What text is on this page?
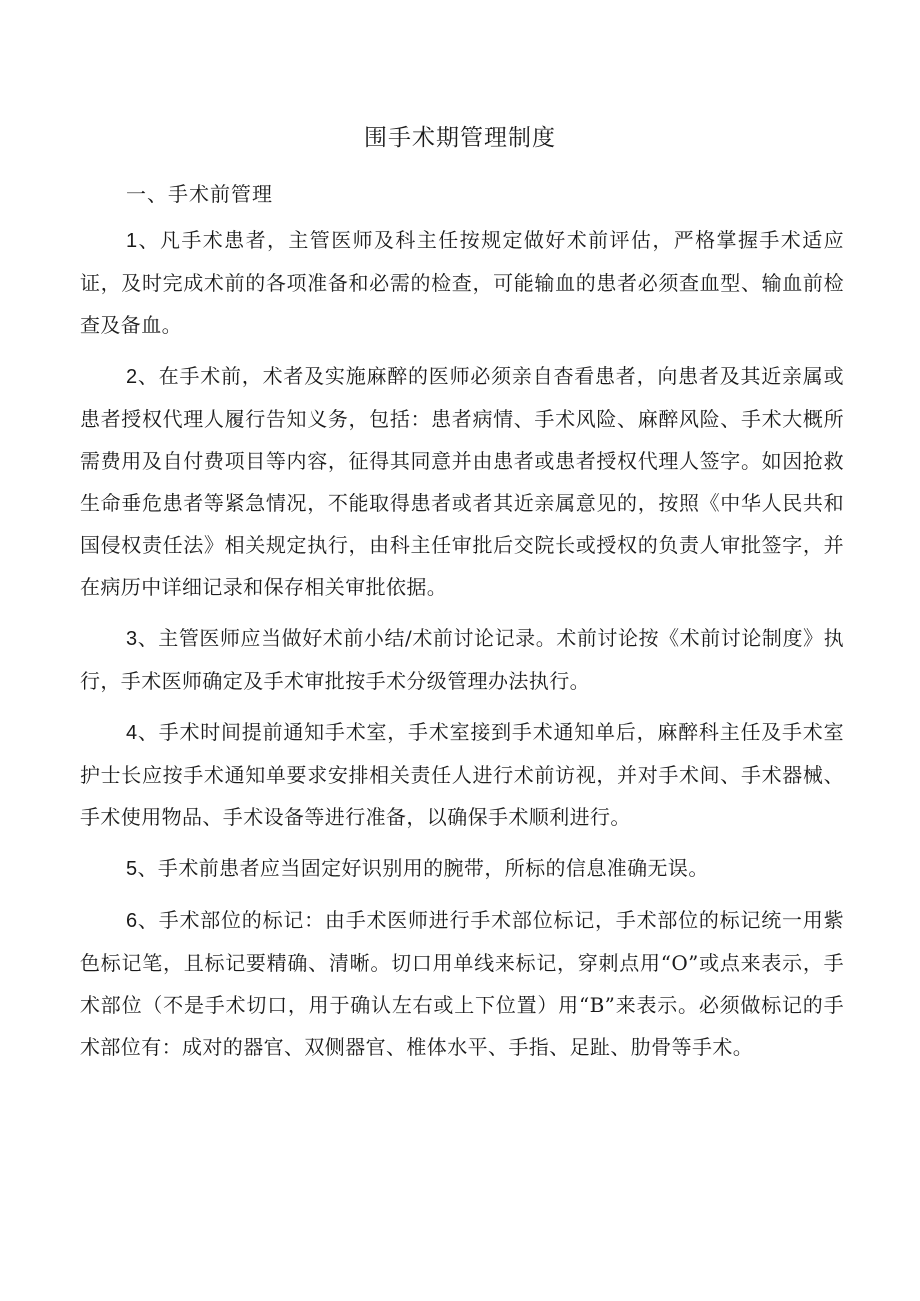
围手术期管理制度
一、手术前管理

1、凡手术患者，主管医师及科主任按规定做好术前评估，严格掌握手术适应证，及时完成术前的各项准备和必需的检查，可能输血的患者必须查血型、输血前检查及备血。

2、在手术前，术者及实施麻醉的医师必须亲自杳看患者，向患者及其近亲属或患者授权代理人履行告知义务，包括：患者病情、手术风险、麻醉风险、手术大概所需费用及自付费项目等内容，征得其同意并由患者或患者授权代理人签字。如因抢救生命垂危患者等紧急情况，不能取得患者或者其近亲属意见的，按照《中华人民共和国侵权责任法》相关规定执行，由科主任审批后交院长或授权的负责人审批签字，并在病历中详细记录和保存相关审批依据。

3、主管医师应当做好术前小结/术前讨论记录。术前讨论按《术前讨论制度》执行，手术医师确定及手术审批按手术分级管理办法执行。

4、手术时间提前通知手术室，手术室接到手术通知单后，麻醉科主任及手术室护士长应按手术通知单要求安排相关责任人进行术前访视，并对手术间、手术器械、手术使用物品、手术设备等进行准备，以确保手术顺利进行。

5、手术前患者应当固定好识别用的腕带，所标的信息准确无误。

6、手术部位的标记：由手术医师进行手术部位标记，手术部位的标记统一用紫色标记笔，且标记要精确、清晰。切口用单线来标记，穿刺点用“O”或点来表示，手术部位（不是手术切口，用于确认左右或上下位置）用“B”来表示。必须做标记的手术部位有：成对的器官、双侧器官、椎体水平、手指、足趾、肋骨等手术。
